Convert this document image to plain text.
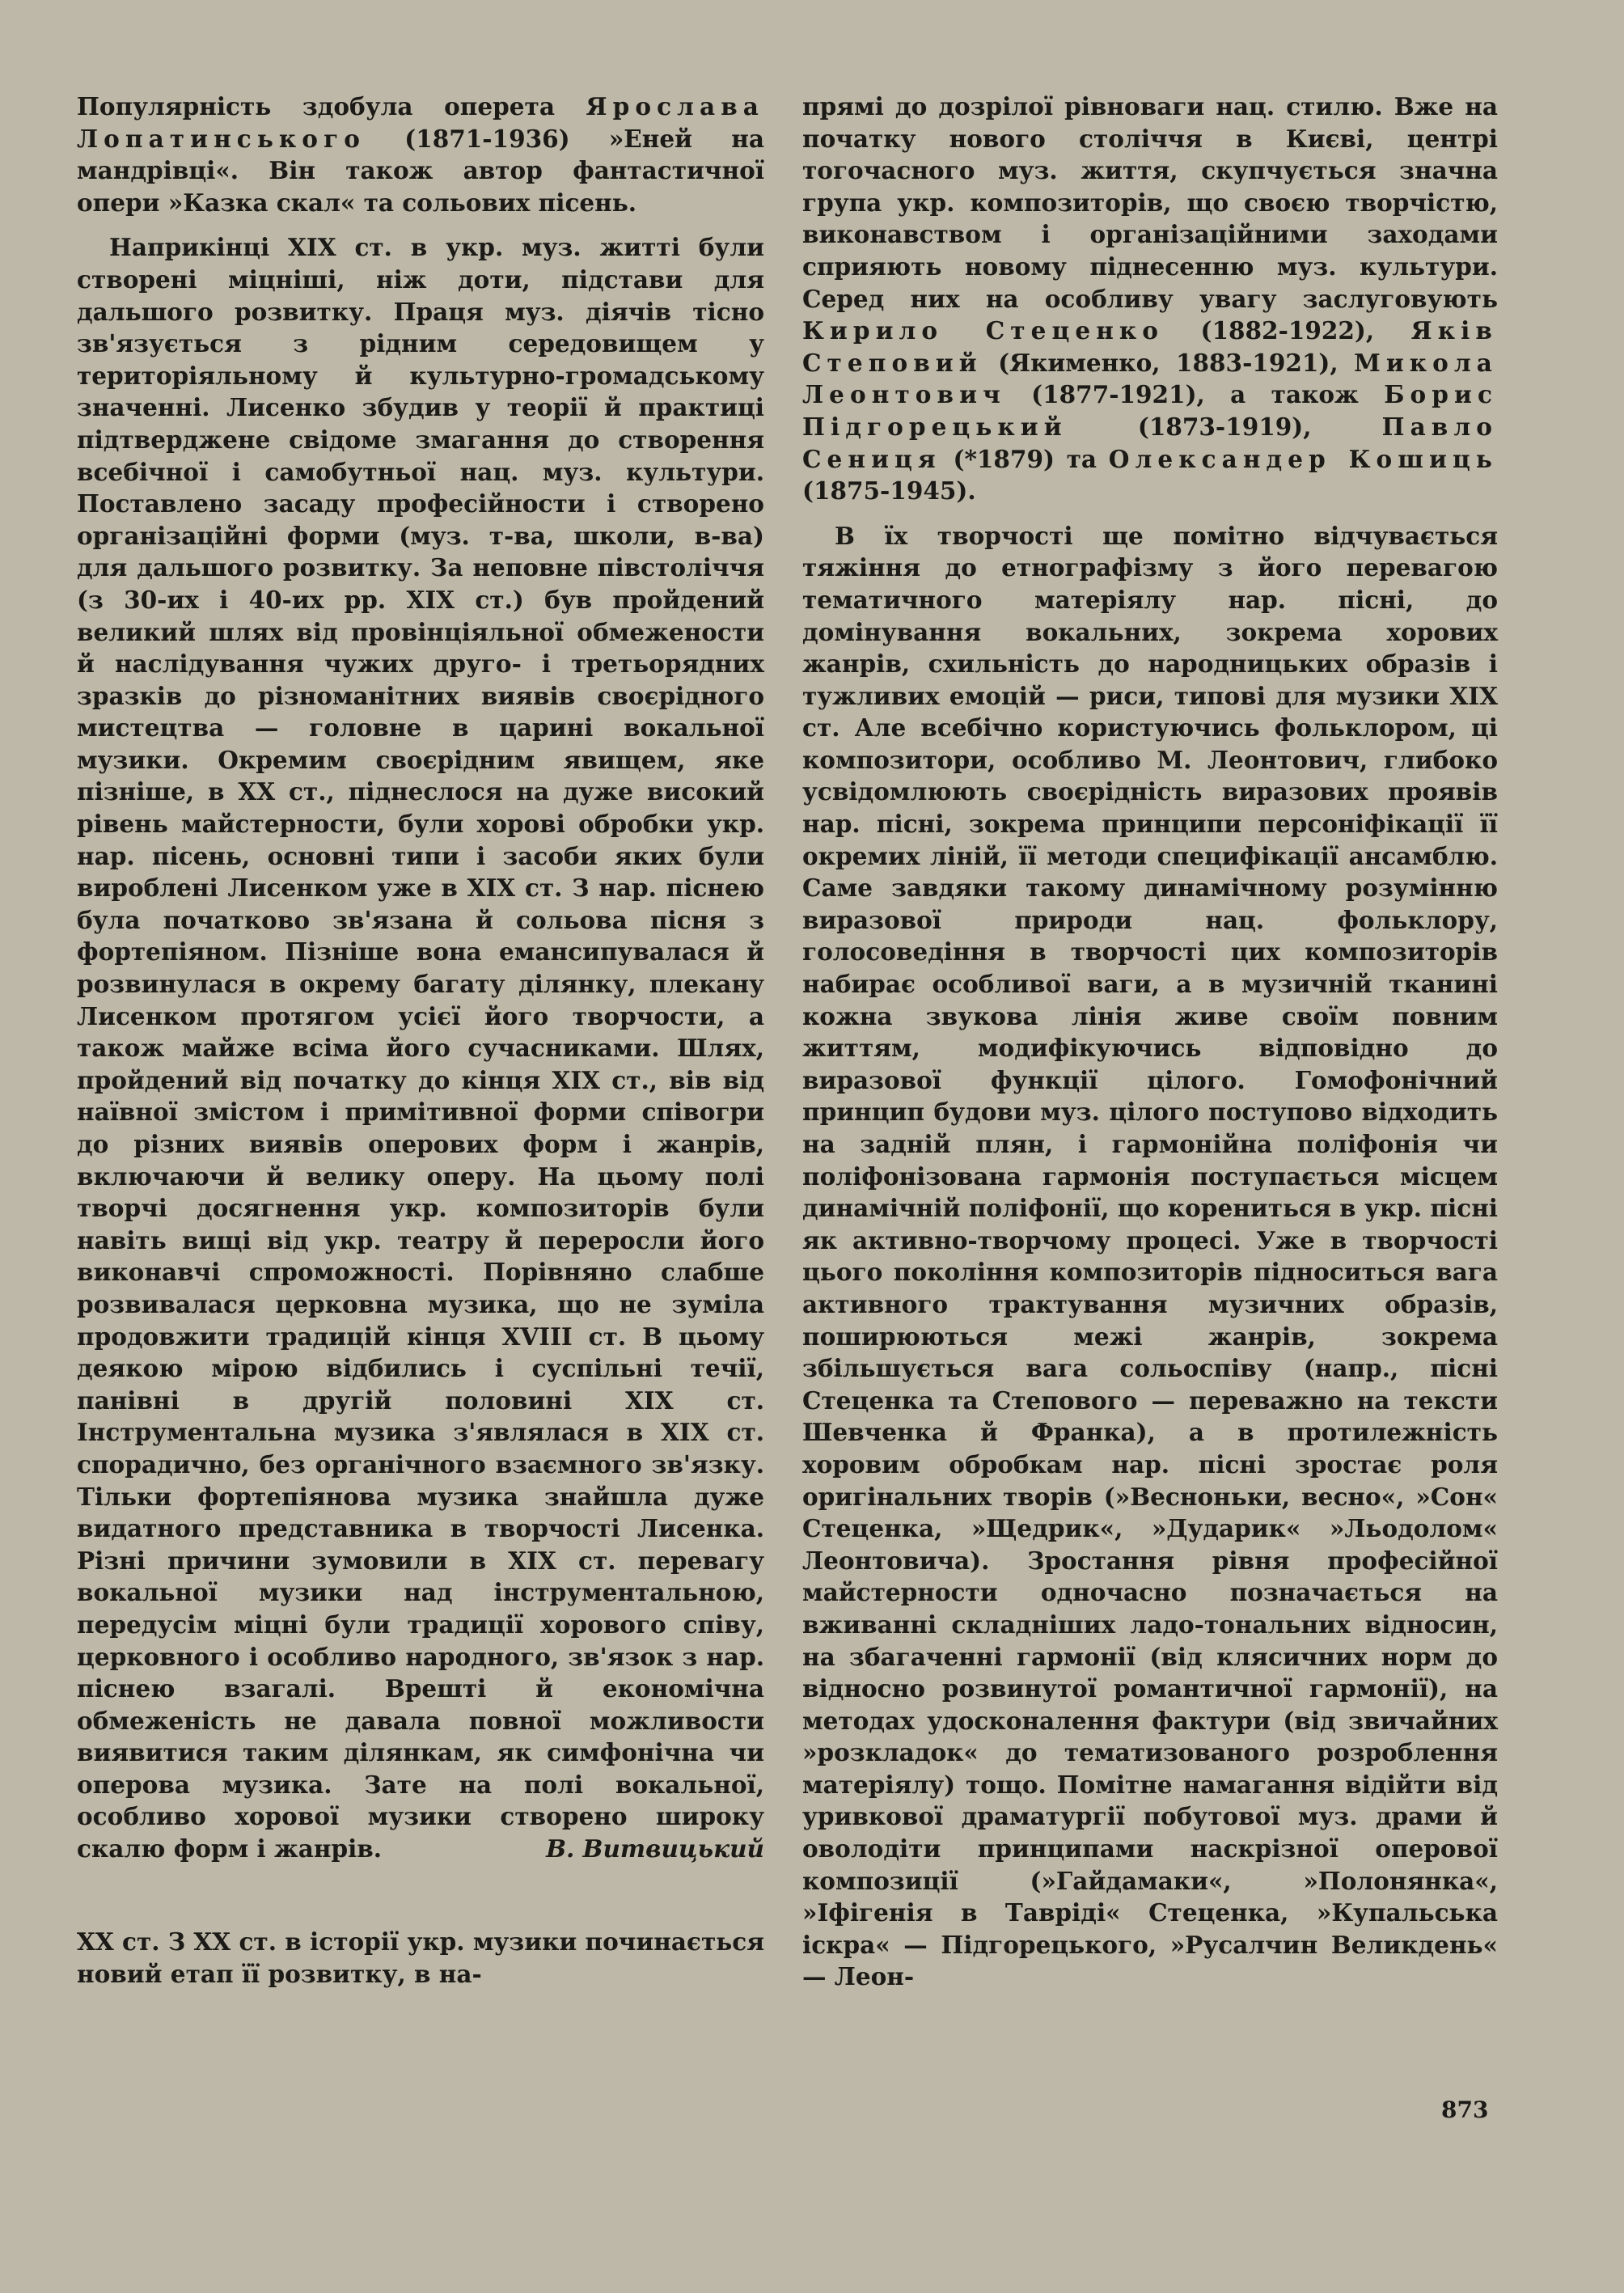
Популярність здобула оперета Ярослава Лопатинського (1871-1936) »Еней на мандрівці«. Він також автор фантастичної опери »Казка скал« та сольових пісень.

Наприкінці XIX ст. в укр. муз. житті були створені міцніші, ніж доти, підстави для дальшого розвитку. Праця муз. діячів тісно зв'язується з рідним середовищем у територіяльному й культурно-громадському значенні. Лисенко збудив у теорії й практиці підтверджене свідоме змагання до створення всебічної і самобутньої нац. муз. культури. Поставлено засаду професійности і створено організаційні форми (муз. т-ва, школи, в-ва) для дальшого розвитку. За неповне півстоліччя (з 30-их і 40-их рр. XIX ст.) був пройдений великий шлях від провінціяльної обмежености й наслідування чужих друго- і третьорядних зразків до різноманітних виявів своєрідного мистецтва — головне в царині вокальної музики. Окремим своєрідним явищем, яке пізніше, в XX ст., піднеслося на дуже високий рівень майстерности, були хорові обробки укр. нар. пісень, основні типи і засоби яких були вироблені Лисенком уже в XIX ст. З нар. піснею була початково зв'язана й сольова пісня з фортепіяном. Пізніше вона емансипувалася й розвинулася в окрему багату ділянку, плекану Лисенком протягом усієї його творчости, а також майже всіма його сучасниками. Шлях, пройдений від початку до кінця XIX ст., вів від наївної змістом і примітивної форми співогри до різних виявів оперових форм і жанрів, включаючи й велику оперу. На цьому полі творчі досягнення укр. композиторів були навіть вищі від укр. театру й переросли його виконавчі спроможності. Порівняно слабше розвивалася церковна музика, що не зуміла продовжити традицій кінця XVIII ст. В цьому деякою мірою відбились і суспільні течії, панівні в другій половині XIX ст. Інструментальна музика з'являлася в XIX ст. спорадично, без органічного взаємного зв'язку. Тільки фортепіянова музика знайшла дуже видатного представника в творчості Лисенка. Різні причини зумовили в XIX ст. перевагу вокальної музики над інструментальною, передусім міцні були традиції хорового співу, церковного і особливо народного, зв'язок з нар. піснею взагалі. Врешті й економічна обмеженість не давала повної можливости виявитися таким ділянкам, як симфонічна чи оперова музика. Зате на полі вокальної, особливо хорової музики створено широку скалю форм і жанрів.	В. Витвицький

XX ст. З XX ст. в історії укр. музики починається новий етап її розвитку, в на-

прямі до дозрілої рівноваги нац. стилю. Вже на початку нового століччя в Києві, центрі тогочасного муз. життя, скупчується значна група укр. композиторів, що своєю творчістю, виконавством і організаційними заходами сприяють новому піднесенню муз. культури. Серед них на особливу увагу заслуговують Кирило Стеценко (1882-1922), Яків Степовий (Якименко, 1883-1921), Микола Леонтович (1877-1921), а також Борис Підгорецький (1873-1919), Павло Сениця (*1879) та Олександер Кошиць (1875-1945).

В їх творчості ще помітно відчувається тяжіння до етнографізму з його перевагою тематичного матеріялу нар. пісні, до домінування вокальних, зокрема хорових жанрів, схильність до народницьких образів і тужливих емоцій — риси, типові для музики XIX ст. Але всебічно користуючись фольклором, ці композитори, особливо М. Леонтович, глибоко усвідомлюють своєрідність виразових проявів нар. пісні, зокрема принципи персоніфікації її окремих ліній, її методи специфікації ансамблю. Саме завдяки такому динамічному розумінню виразової природи нац. фольклору, голосоведіння в творчості цих композиторів набирає особливої ваги, а в музичній тканині кожна звукова лінія живе своїм повним життям, модифікуючись відповідно до виразової функції цілого. Гомофонічний принцип будови муз. цілого поступово відходить на задній плян, і гармонійна поліфонія чи поліфонізована гармонія поступається місцем динамічній поліфонії, що корениться в укр. пісні як активно-творчому процесі. Уже в творчості цього покоління композиторів підноситься вага активного трактування музичних образів, поширюються межі жанрів, зокрема збільшується вага сольоспіву (напр., пісні Стеценка та Степового — переважно на тексти Шевченка й Франка), а в протилежність хоровим обробкам нар. пісні зростає роля оригінальних творів (»Весноньки, весно«, »Сон« Стеценка, »Щедрик«, »Дударик« »Льодолом« Леонтовича). Зростання рівня професійної майстерности одночасно позначається на вживанні складніших ладо-тональних відносин, на збагаченні гармонії (від клясичних норм до відносно розвинутої романтичної гармонії), на методах удосконалення фактури (від звичайних »розкладок« до тематизованого розроблення матеріялу) тощо. Помітне намагання відійти від уривкової драматургії побутової муз. драми й оволодіти принципами наскрізної оперової композиції (»Гайдамаки«, »Полонянка«, »Іфігенія в Тавріді« Стеценка, »Купальська іскра« — Підгорецького, »Русалчин Великдень« — Леон-

873
